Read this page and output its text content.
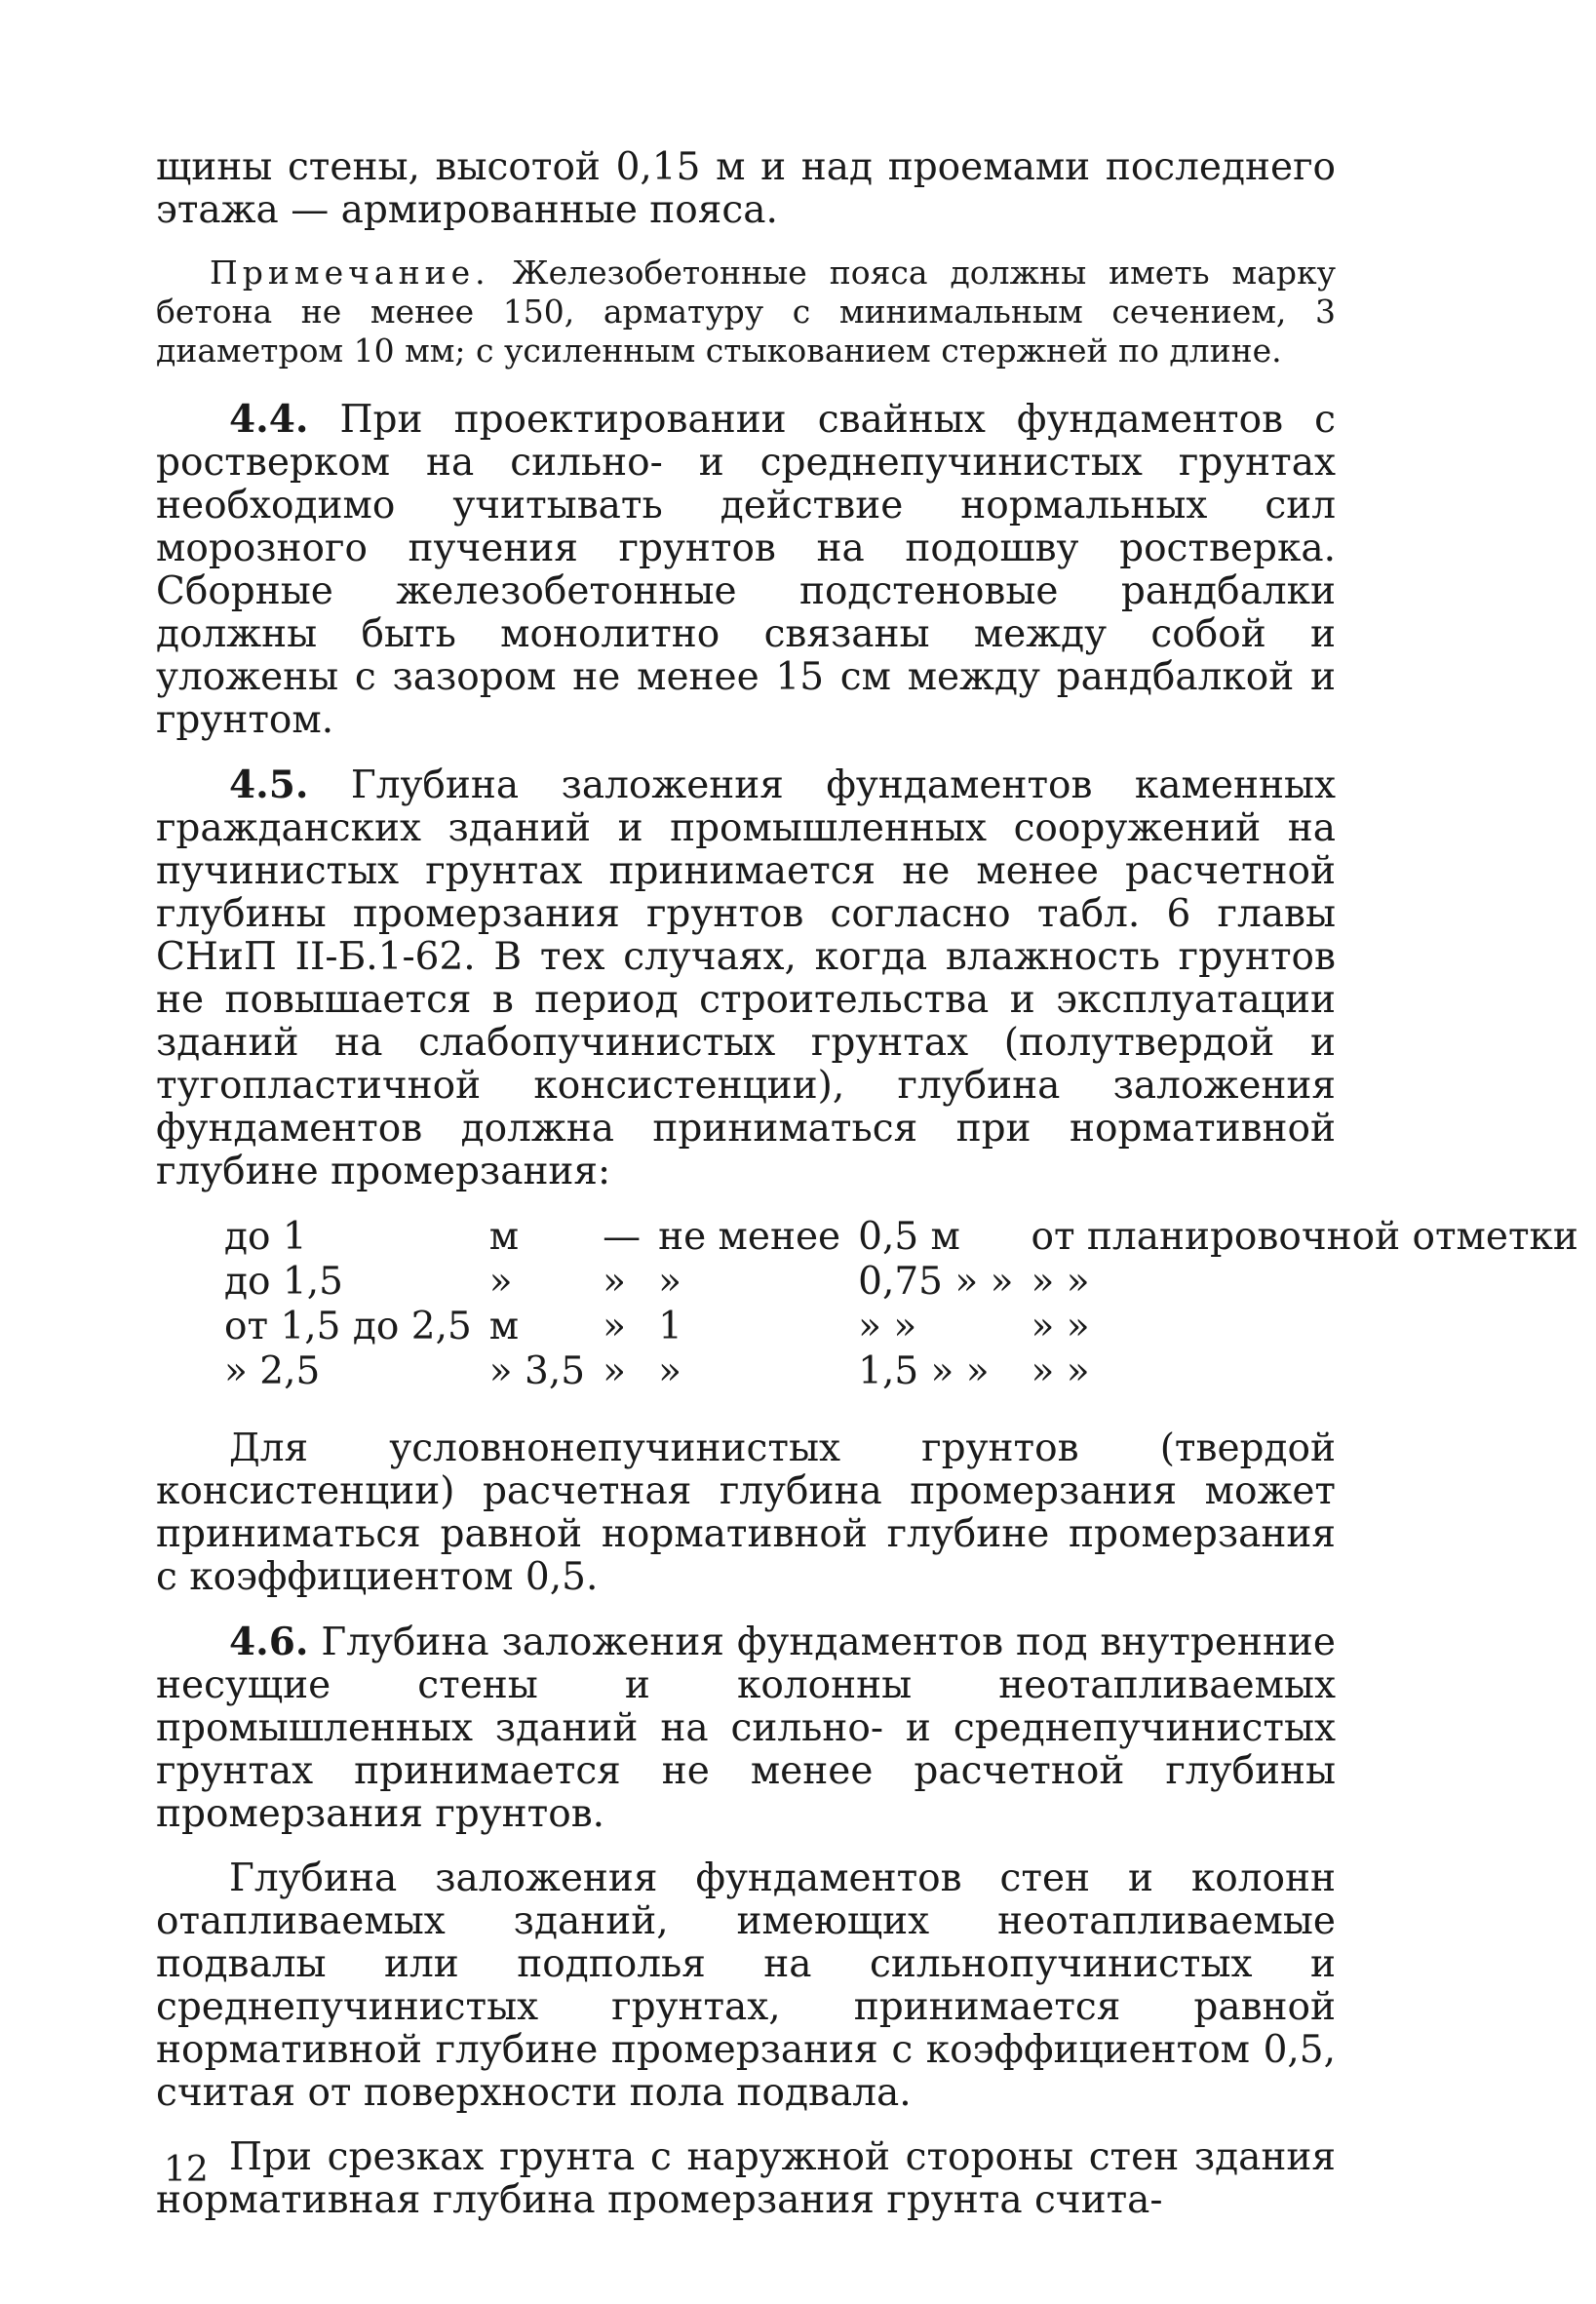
щины стены, высотой 0,15 м и над проемами последнего этажа — армированные пояса.

Примечание. Железобетонные пояса должны иметь марку бетона не менее 150, арматуру с минимальным сечением, 3 диаметром 10 мм; с усиленным стыкованием стержней по длине.

4.4. При проектировании свайных фундаментов с ростверком на сильно- и среднепучинистых грунтах необходимо учитывать действие нормальных сил морозного пучения грунтов на подошву ростверка. Сборные железобетонные подстеновые рандбалки должны быть монолитно связаны между собой и уложены с зазором не менее 15 см между рандбалкой и грунтом.

4.5. Глубина заложения фундаментов каменных гражданских зданий и промышленных сооружений на пучинистых грунтах принимается не менее расчетной глубины промерзания грунтов согласно табл. 6 главы СНиП II-Б.1-62. В тех случаях, когда влажность грунтов не повышается в период строительства и эксплуатации зданий на слабопучинистых грунтах (полутвердой и тугопластичной консистенции), глубина заложения фундаментов должна приниматься при нормативной глубине промерзания:

до 1	м	—	не менее	0,5 м	от планировочной отметки
до 1,5	»	»	»	0,75 » »	» »
от 1,5 до 2,5	м	»	1	» »	» »
» 2,5	» 3,5	»	»	1,5 » »	» »

Для условнонепучинистых грунтов (твердой консистенции) расчетная глубина промерзания может приниматься равной нормативной глубине промерзания с коэффициентом 0,5.

4.6. Глубина заложения фундаментов под внутренние несущие стены и колонны неотапливаемых промышленных зданий на сильно- и среднепучинистых грунтах принимается не менее расчетной глубины промерзания грунтов.

Глубина заложения фундаментов стен и колонн отапливаемых зданий, имеющих неотапливаемые подвалы или подполья на сильнопучинистых и среднепучинистых грунтах, принимается равной нормативной глубине промерзания с коэффициентом 0,5, считая от поверхности пола подвала.

При срезках грунта с наружной стороны стен здания нормативная глубина промерзания грунта счита-

12
